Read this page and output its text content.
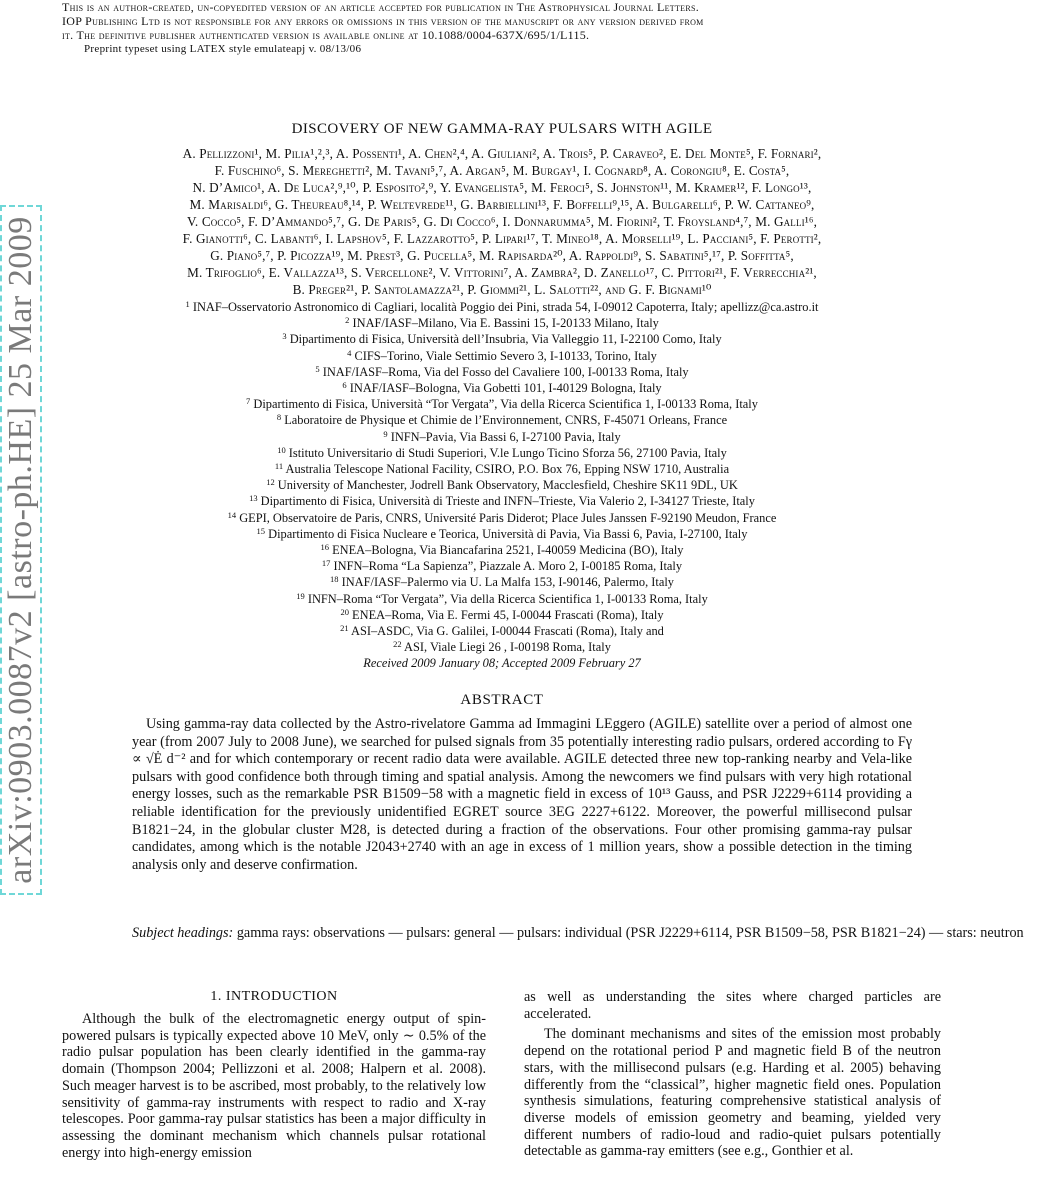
This is an author-created, un-copyedited version of an article accepted for publication in The Astrophysical Journal Letters.
IOP Publishing Ltd is not responsible for any errors or omissions in this version of the manuscript or any version derived from
it. The definitive publisher authenticated version is available online at 10.1088/0004-637X/695/1/L115.
Preprint typeset using LATEX style emulateapj v. 08/13/06
arXiv:0903.0087v2 [astro-ph.HE] 25 Mar 2009
DISCOVERY OF NEW GAMMA-RAY PULSARS WITH AGILE
A. Pellizzoni¹, M. Pilia¹,²,³, A. Possenti¹, A. Chen²,⁴, A. Giuliani², A. Trois⁵, P. Caraveo², E. Del Monte⁵, F. Fornari²,
F. Fuschino⁶, S. Mereghetti², M. Tavani⁵,⁷, A. Argan⁵, M. Burgay¹, I. Cognard⁸, A. Corongiu⁸, E. Costa⁵,
N. D’Amico¹, A. De Luca²,⁹,¹⁰, P. Esposito²,⁹, Y. Evangelista⁵, M. Feroci⁵, S. Johnston¹¹, M. Kramer¹², F. Longo¹³,
M. Marisaldi⁶, G. Theureau⁸,¹⁴, P. Weltevrede¹¹, G. Barbiellini¹³, F. Boffelli⁹,¹⁵, A. Bulgarelli⁶, P. W. Cattaneo⁹,
V. Cocco⁵, F. D’Ammando⁵,⁷, G. De Paris⁵, G. Di Cocco⁶, I. Donnarumma⁵, M. Fiorini², T. Froysland⁴,⁷, M. Galli¹⁶,
F. Gianotti⁶, C. Labanti⁶, I. Lapshov⁵, F. Lazzarotto⁵, P. Lipari¹⁷, T. Mineo¹⁸, A. Morselli¹⁹, L. Pacciani⁵, F. Perotti²,
G. Piano⁵,⁷, P. Picozza¹⁹, M. Prest³, G. Pucella⁵, M. Rapisarda²⁰, A. Rappoldi⁹, S. Sabatini⁵,¹⁷, P. Soffitta⁵,
M. Trifoglio⁶, E. Vallazza¹³, S. Vercellone², V. Vittorini⁷, A. Zambra², D. Zanello¹⁷, C. Pittori²¹, F. Verrecchia²¹,
B. Preger²¹, P. Santolamazza²¹, P. Giommi²¹, L. Salotti²², and G. F. Bignami¹⁰
$^1$ INAF–Osservatorio Astronomico di Cagliari, località Poggio dei Pini, strada 54, I-09012 Capoterra, Italy; apellizz@ca.astro.it
$^2$ INAF/IASF–Milano, Via E. Bassini 15, I-20133 Milano, Italy
$^3$ Dipartimento di Fisica, Università dell’Insubria, Via Valleggio 11, I-22100 Como, Italy
$^4$ CIFS–Torino, Viale Settimio Severo 3, I-10133, Torino, Italy
$^5$ INAF/IASF–Roma, Via del Fosso del Cavaliere 100, I-00133 Roma, Italy
$^6$ INAF/IASF–Bologna, Via Gobetti 101, I-40129 Bologna, Italy
$^7$ Dipartimento di Fisica, Università “Tor Vergata”, Via della Ricerca Scientifica 1, I-00133 Roma, Italy
$^8$ Laboratoire de Physique et Chimie de l’Environnement, CNRS, F-45071 Orleans, France
$^9$ INFN–Pavia, Via Bassi 6, I-27100 Pavia, Italy
$^{10}$ Istituto Universitario di Studi Superiori, V.le Lungo Ticino Sforza 56, 27100 Pavia, Italy
$^{11}$ Australia Telescope National Facility, CSIRO, P.O. Box 76, Epping NSW 1710, Australia
$^{12}$ University of Manchester, Jodrell Bank Observatory, Macclesfield, Cheshire SK11 9DL, UK
$^{13}$ Dipartimento di Fisica, Università di Trieste and INFN–Trieste, Via Valerio 2, I-34127 Trieste, Italy
$^{14}$ GEPI, Observatoire de Paris, CNRS, Université Paris Diderot; Place Jules Janssen F-92190 Meudon, France
$^{15}$ Dipartimento di Fisica Nucleare e Teorica, Università di Pavia, Via Bassi 6, Pavia, I-27100, Italy
$^{16}$ ENEA–Bologna, Via Biancafarina 2521, I-40059 Medicina (BO), Italy
$^{17}$ INFN–Roma “La Sapienza”, Piazzale A. Moro 2, I-00185 Roma, Italy
$^{18}$ INAF/IASF–Palermo via U. La Malfa 153, I-90146, Palermo, Italy
$^{19}$ INFN–Roma “Tor Vergata”, Via della Ricerca Scientifica 1, I-00133 Roma, Italy
$^{20}$ ENEA–Roma, Via E. Fermi 45, I-00044 Frascati (Roma), Italy
$^{21}$ ASI–ASDC, Via G. Galilei, I-00044 Frascati (Roma), Italy and
$^{22}$ ASI, Viale Liegi 26 , I-00198 Roma, Italy
Received 2009 January 08; Accepted 2009 February 27
ABSTRACT
Using gamma-ray data collected by the Astro-rivelatore Gamma ad Immagini LEggero (AGILE) satellite over a period of almost one year (from 2007 July to 2008 June), we searched for pulsed signals from 35 potentially interesting radio pulsars, ordered according to Fγ ∝ √Ė d⁻² and for which contemporary or recent radio data were available. AGILE detected three new top-ranking nearby and Vela-like pulsars with good confidence both through timing and spatial analysis. Among the newcomers we find pulsars with very high rotational energy losses, such as the remarkable PSR B1509−58 with a magnetic field in excess of 10¹³ Gauss, and PSR J2229+6114 providing a reliable identification for the previously unidentified EGRET source 3EG 2227+6122. Moreover, the powerful millisecond pulsar B1821−24, in the globular cluster M28, is detected during a fraction of the observations. Four other promising gamma-ray pulsar candidates, among which is the notable J2043+2740 with an age in excess of 1 million years, show a possible detection in the timing analysis only and deserve confirmation.
Subject headings: gamma rays: observations — pulsars: general — pulsars: individual (PSR J2229+6114, PSR B1509−58, PSR B1821−24) — stars: neutron
1. INTRODUCTION

Although the bulk of the electromagnetic energy output of spin-powered pulsars is typically expected above 10 MeV, only ∼ 0.5% of the radio pulsar population has been clearly identified in the gamma-ray domain (Thompson 2004; Pellizzoni et al. 2008; Halpern et al. 2008). Such meager harvest is to be ascribed, most probably, to the relatively low sensitivity of gamma-ray instruments with respect to radio and X-ray telescopes. Poor gamma-ray pulsar statistics has been a major difficulty in assessing the dominant mechanism which channels pulsar rotational energy into high-energy emission

as well as understanding the sites where charged particles are accelerated.

The dominant mechanisms and sites of the emission most probably depend on the rotational period P and magnetic field B of the neutron stars, with the millisecond pulsars (e.g. Harding et al. 2005) behaving differently from the “classical”, higher magnetic field ones. Population synthesis simulations, featuring comprehensive statistical analysis of diverse models of emission geometry and beaming, yielded very different numbers of radio-loud and radio-quiet pulsars potentially detectable as gamma-ray emitters (see e.g., Gonthier et al.
